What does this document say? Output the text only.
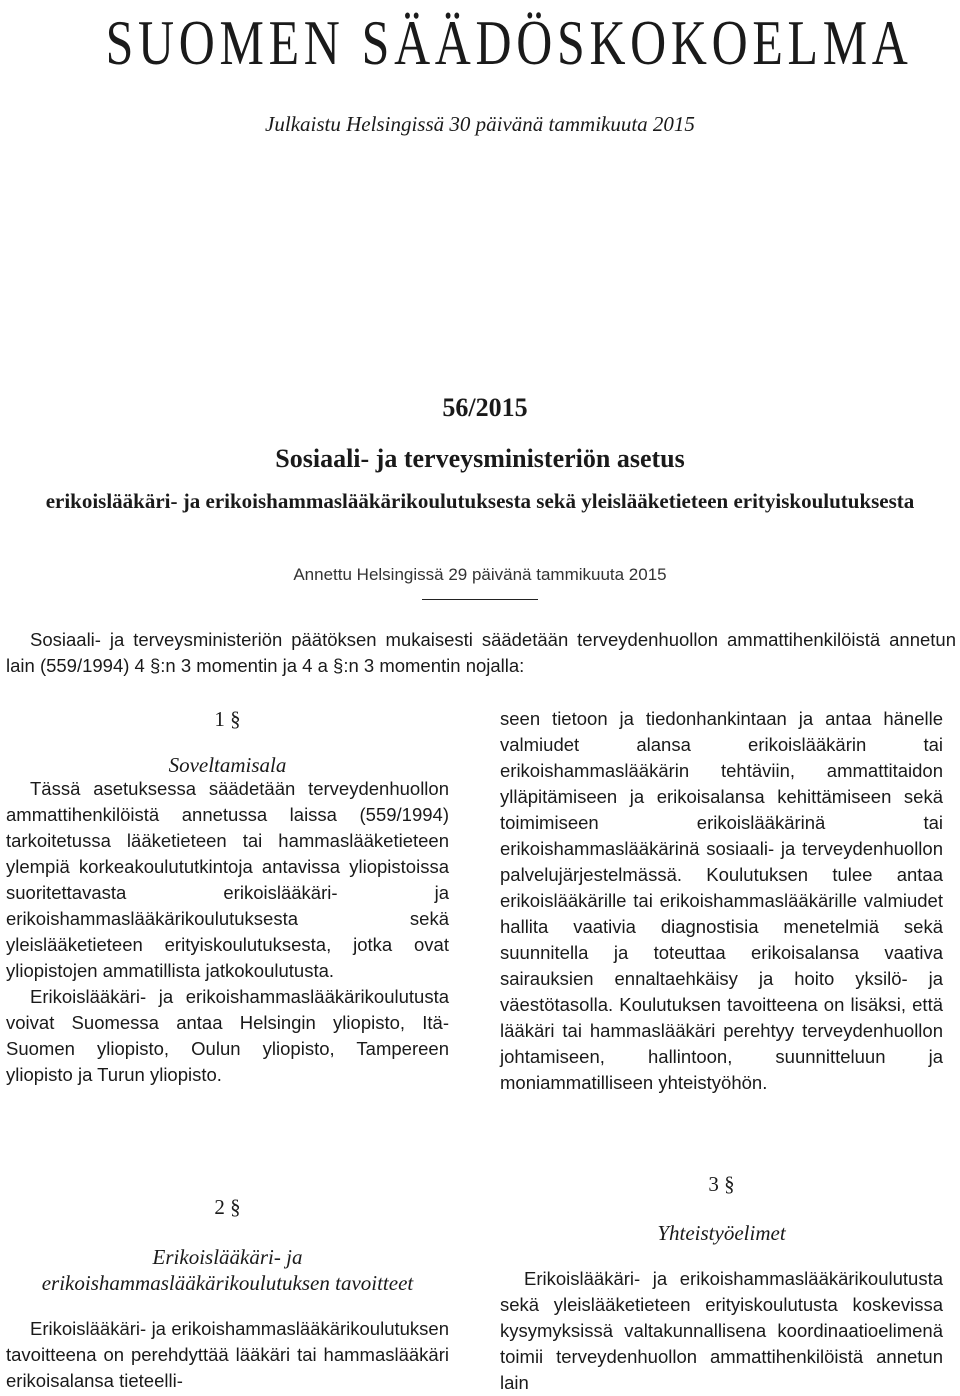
SUOMEN SÄÄDÖSKOKOELMA
Julkaistu Helsingissä 30 päivänä tammikuuta 2015
56/2015
Sosiaali- ja terveysministeriön asetus
erikoislääkäri- ja erikoishammaslääkärikoulutuksesta sekä yleislääketieteen erityiskoulutuksesta
Annettu Helsingissä 29 päivänä tammikuuta 2015

Sosiaali- ja terveysministeriön päätöksen mukaisesti säädetään terveydenhuollon ammattihenkilöistä annetun lain (559/1994) 4 §:n 3 momentin ja 4 a §:n 3 momentin nojalla:

1 §
Soveltamisala

Tässä asetuksessa säädetään terveydenhuollon ammattihenkilöistä annetussa laissa (559/1994) tarkoitetussa lääketieteen tai hammaslääketieteen ylempiä korkeakoulututkintoja antavissa yliopistoissa suoritettavasta erikoislääkäri- ja erikoishammaslääkärikoulutuksesta sekä yleislääketieteen erityiskoulutuksesta, jotka ovat yliopistojen ammatillista jatkokoulutusta.

Erikoislääkäri- ja erikoishammaslääkärikoulutusta voivat Suomessa antaa Helsingin yliopisto, Itä-Suomen yliopisto, Oulun yliopisto, Tampereen yliopisto ja Turun yliopisto.

2 §
Erikoislääkäri- ja erikoishammaslääkärikoulutuksen tavoitteet

Erikoislääkäri- ja erikoishammaslääkärikoulutuksen tavoitteena on perehdyttää lääkäri tai hammaslääkäri erikoisalansa tieteelli-

seen tietoon ja tiedonhankintaan ja antaa hänelle valmiudet alansa erikoislääkärin tai erikoishammaslääkärin tehtäviin, ammattitaidon ylläpitämiseen ja erikoisalansa kehittämiseen sekä toimimiseen erikoislääkärinä tai erikoishammaslääkärinä sosiaali- ja terveydenhuollon palvelujärjestelmässä. Koulutuksen tulee antaa erikoislääkärille tai erikoishammaslääkärille valmiudet hallita vaativia diagnostisia menetelmiä sekä suunnitella ja toteuttaa erikoisalansa vaativa sairauksien ennaltaehkäisy ja hoito yksilö- ja väestötasolla. Koulutuksen tavoitteena on lisäksi, että lääkäri tai hammaslääkäri perehtyy terveydenhuollon johtamiseen, hallintoon, suunnitteluun ja moniammatilliseen yhteistyöhön.

3 §
Yhteistyöelimet

Erikoislääkäri- ja erikoishammaslääkärikoulutusta sekä yleislääketieteen erityiskoulutusta koskevissa kysymyksissä valtakunnallisena koordinaatioelimenä toimii terveydenhuollon ammattihenkilöistä annetun lain
